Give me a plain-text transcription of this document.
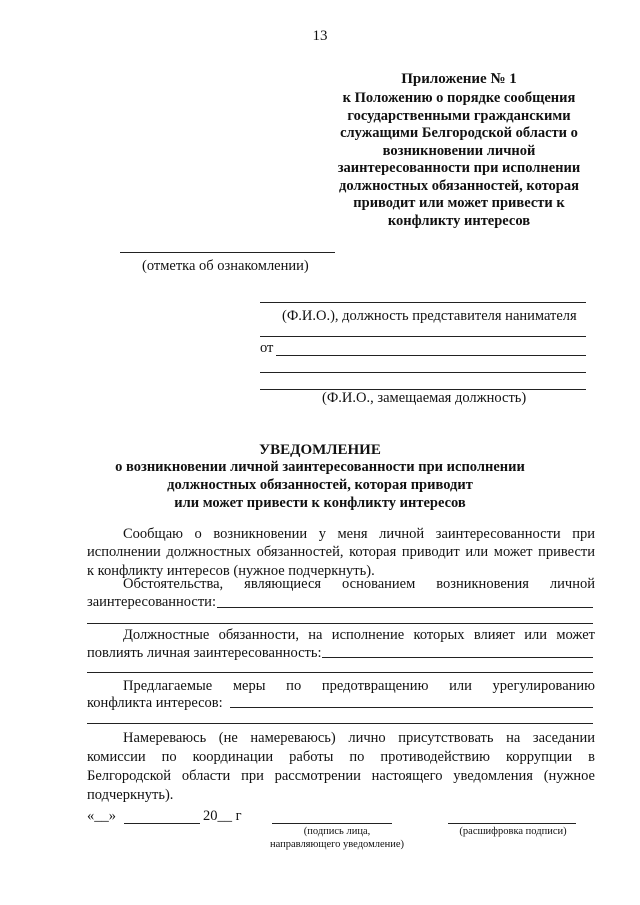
13
Приложение № 1
к Положению о порядке сообщения
государственными гражданскими
служащими Белгородской области о
возникновении личной
заинтересованности при исполнении
должностных обязанностей, которая
приводит или может привести к
конфликту интересов
(отметка об ознакомлении)
(Ф.И.О.), должность представителя нанимателя
от
(Ф.И.О., замещаемая должность)
УВЕДОМЛЕНИЕ
о возникновении личной заинтересованности при исполнении
должностных обязанностей, которая приводит
или может привести к конфликту интересов
Сообщаю о возникновении у меня личной заинтересованности при
исполнении должностных обязанностей, которая приводит или может привести
к конфликту интересов (нужное подчеркнуть).
Обстоятельства, являющиеся основанием возникновения личной
заинтересованности:
Должностные обязанности, на исполнение которых влияет или может
повлиять личная заинтересованность:
Предлагаемые меры по предотвращению или урегулированию
конфликта интересов:
Намереваюсь (не намереваюсь) лично присутствовать на заседании
комиссии по координации работы по противодействию коррупции в
Белгородской области при рассмотрении настоящего уведомления (нужное
подчеркнуть).
«__»	20__ г
(подпись лица,
направляющего уведомление)
(расшифровка подписи)
